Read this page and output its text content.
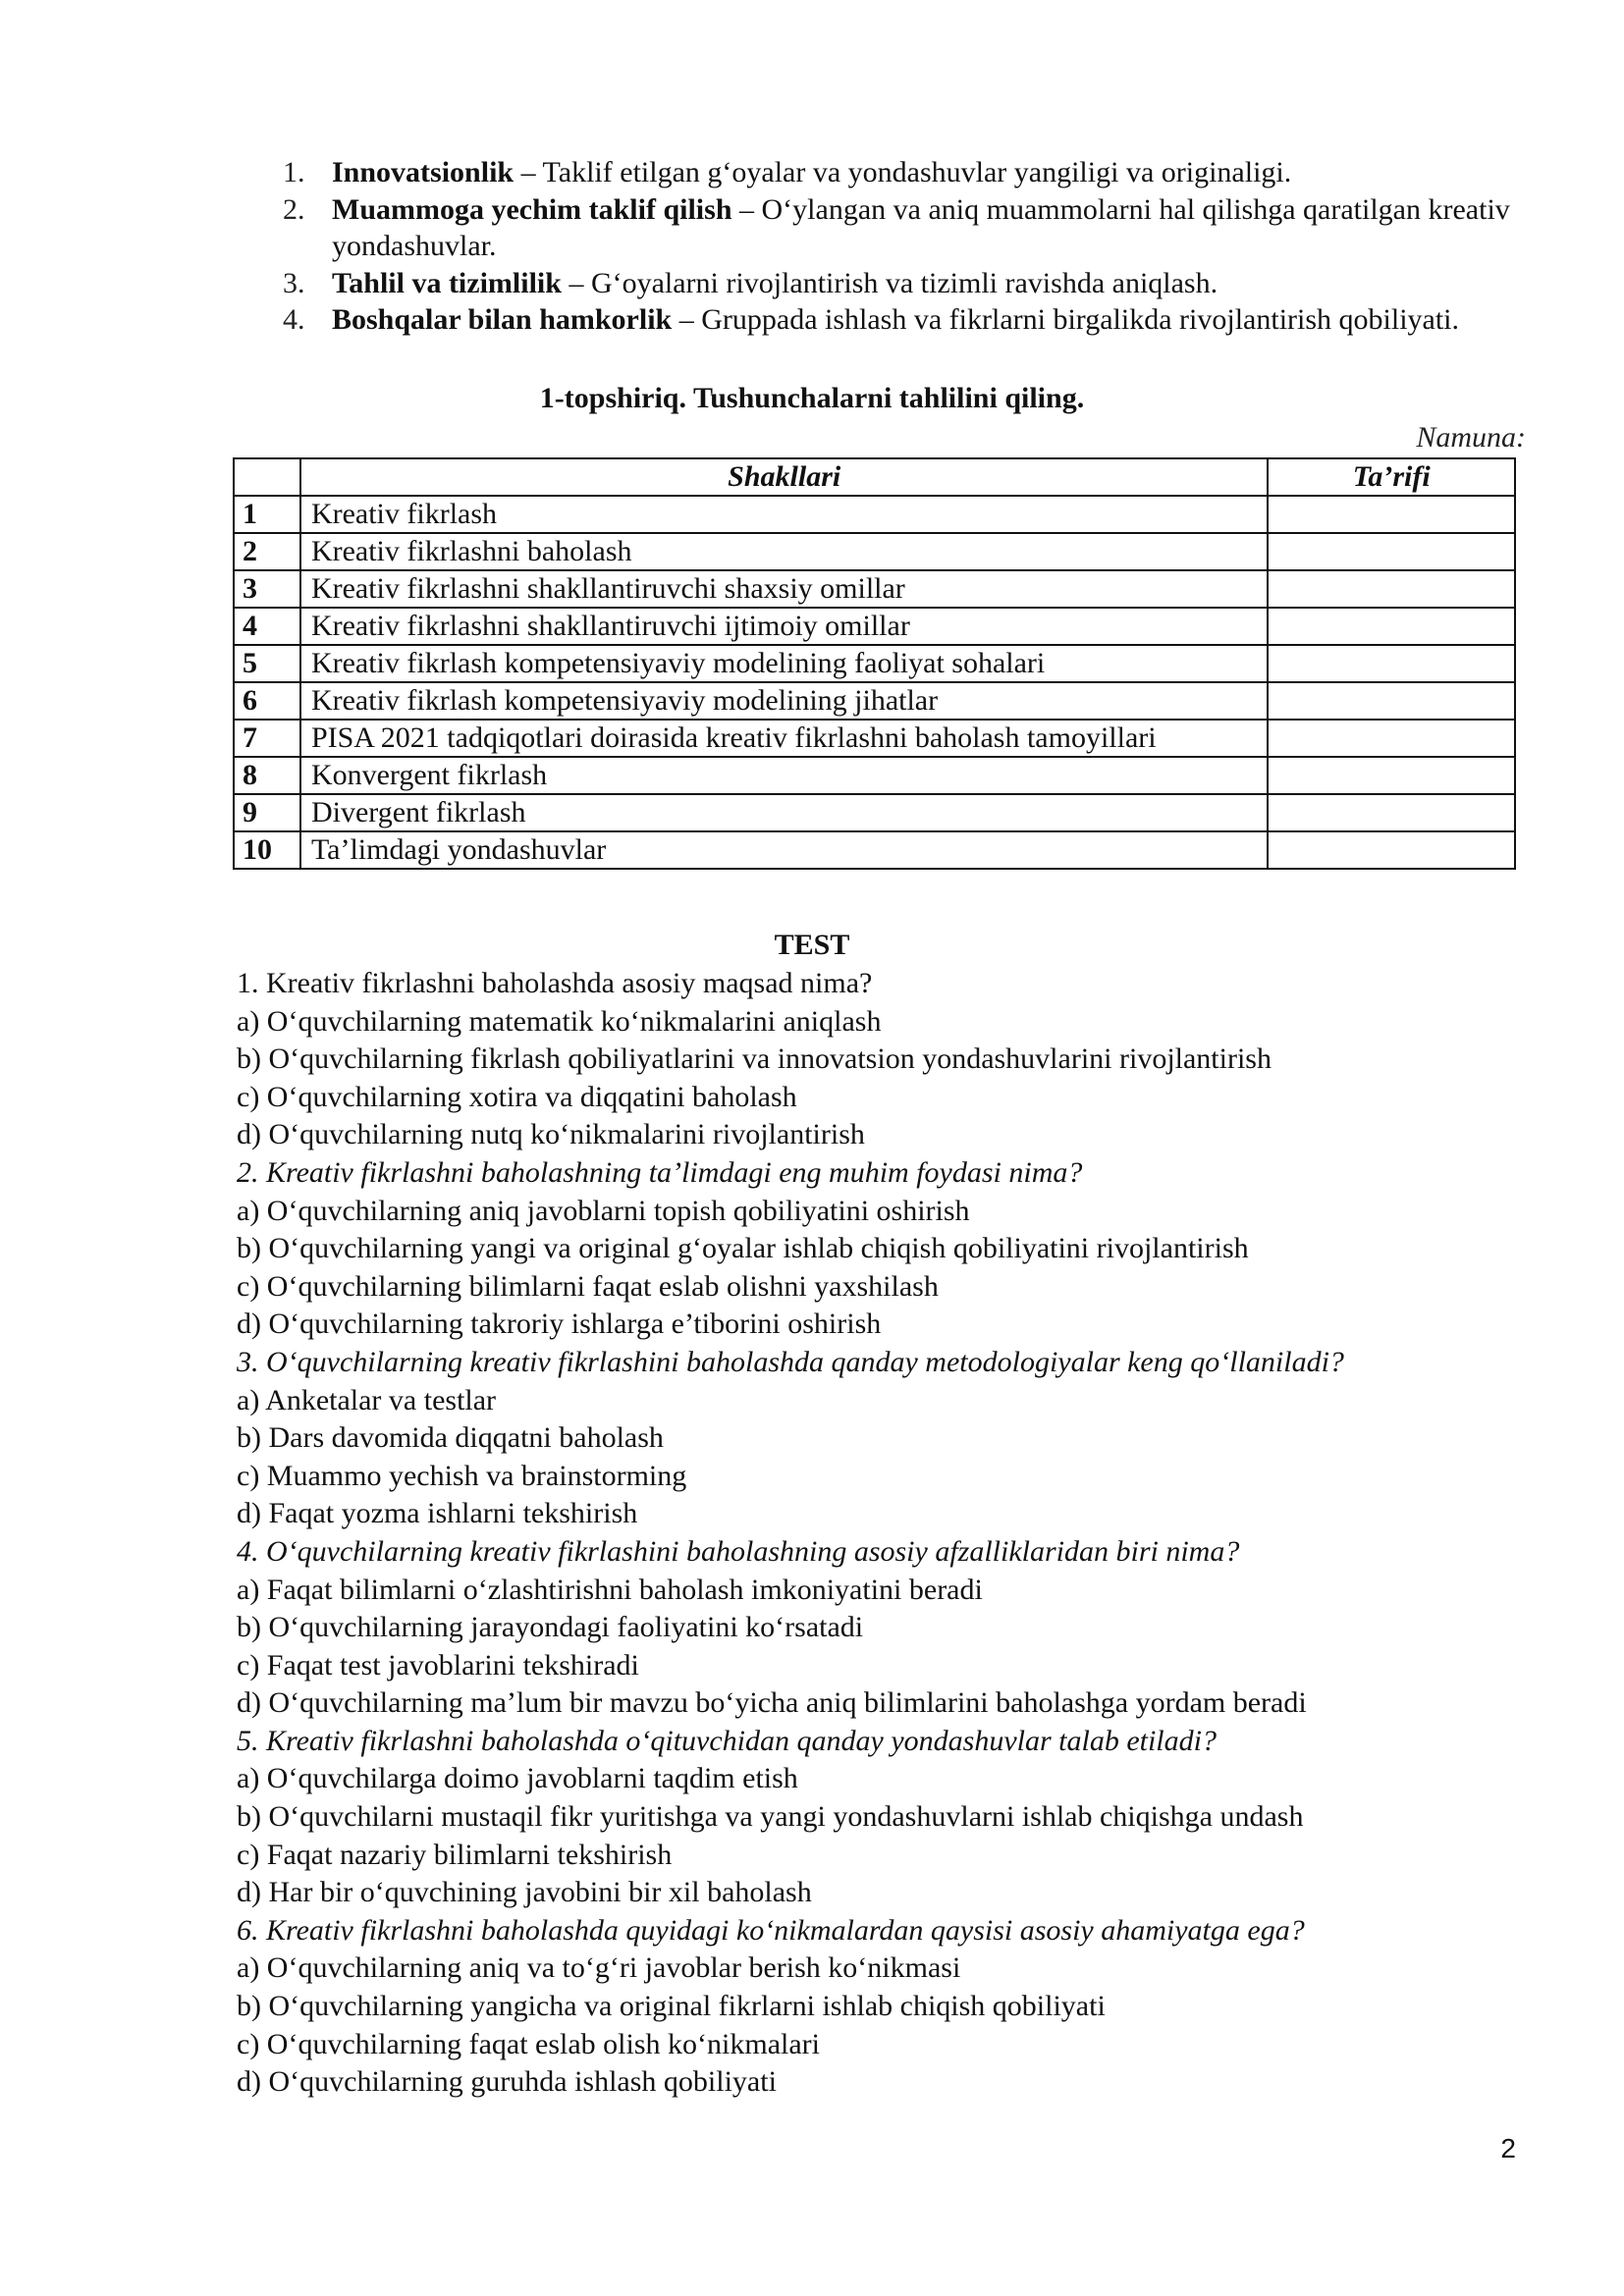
1. Innovatsionlik – Taklif etilgan g‘oyalar va yondashuvlar yangiligi va originaligi.
2. Muammoga yechim taklif qilish – O‘ylangan va aniq muammolarni hal qilishga qaratilgan kreativ yondashuvlar.
3. Tahlil va tizimlilik – G‘oyalarni rivojlantirish va tizimli ravishda aniqlash.
4. Boshqalar bilan hamkorlik – Gruppada ishlash va fikrlarni birgalikda rivojlantirish qobiliyati.
1-topshiriq. Tushunchalarni tahlilini qiling.
Namuna:
	Shakllari	Ta’rifi
1	Kreativ fikrlash	
2	Kreativ fikrlashni baholash	
3	Kreativ fikrlashni shakllantiruvchi shaxsiy omillar	
4	Kreativ fikrlashni shakllantiruvchi ijtimoiy omillar	
5	Kreativ fikrlash kompetensiyaviy modelining faoliyat sohalari	
6	Kreativ fikrlash kompetensiyaviy modelining jihatlar	
7	PISA 2021 tadqiqotlari doirasida kreativ fikrlashni baholash tamoyillari	
8	Konvergent fikrlash	
9	Divergent fikrlash	
10	Ta’limdagi yondashuvlar	
TEST
1. Kreativ fikrlashni baholashda asosiy maqsad nima?
a) O‘quvchilarning matematik ko‘nikmalarini aniqlash
b) O‘quvchilarning fikrlash qobiliyatlarini va innovatsion yondashuvlarini rivojlantirish
c) O‘quvchilarning xotira va diqqatini baholash
d) O‘quvchilarning nutq ko‘nikmalarini rivojlantirish
2. Kreativ fikrlashni baholashning ta’limdagi eng muhim foydasi nima?
a) O‘quvchilarning aniq javoblarni topish qobiliyatini oshirish
b) O‘quvchilarning yangi va original g‘oyalar ishlab chiqish qobiliyatini rivojlantirish
c) O‘quvchilarning bilimlarni faqat eslab olishni yaxshilash
d) O‘quvchilarning takroriy ishlarga e’tiborini oshirish
3. O‘quvchilarning kreativ fikrlashini baholashda qanday metodologiyalar keng qo‘llaniladi?
a) Anketalar va testlar
b) Dars davomida diqqatni baholash
c) Muammo yechish va brainstorming
d) Faqat yozma ishlarni tekshirish
4. O‘quvchilarning kreativ fikrlashini baholashning asosiy afzalliklaridan biri nima?
a) Faqat bilimlarni o‘zlashtirishni baholash imkoniyatini beradi
b) O‘quvchilarning jarayondagi faoliyatini ko‘rsatadi
c) Faqat test javoblarini tekshiradi
d) O‘quvchilarning ma’lum bir mavzu bo‘yicha aniq bilimlarini baholashga yordam beradi
5. Kreativ fikrlashni baholashda o‘qituvchidan qanday yondashuvlar talab etiladi?
a) O‘quvchilarga doimo javoblarni taqdim etish
b) O‘quvchilarni mustaqil fikr yuritishga va yangi yondashuvlarni ishlab chiqishga undash
c) Faqat nazariy bilimlarni tekshirish
d) Har bir o‘quvchining javobini bir xil baholash
6. Kreativ fikrlashni baholashda quyidagi ko‘nikmalardan qaysisi asosiy ahamiyatga ega?
a) O‘quvchilarning aniq va to‘g‘ri javoblar berish ko‘nikmasi
b) O‘quvchilarning yangicha va original fikrlarni ishlab chiqish qobiliyati
c) O‘quvchilarning faqat eslab olish ko‘nikmalari
d) O‘quvchilarning guruhda ishlash qobiliyati
2
